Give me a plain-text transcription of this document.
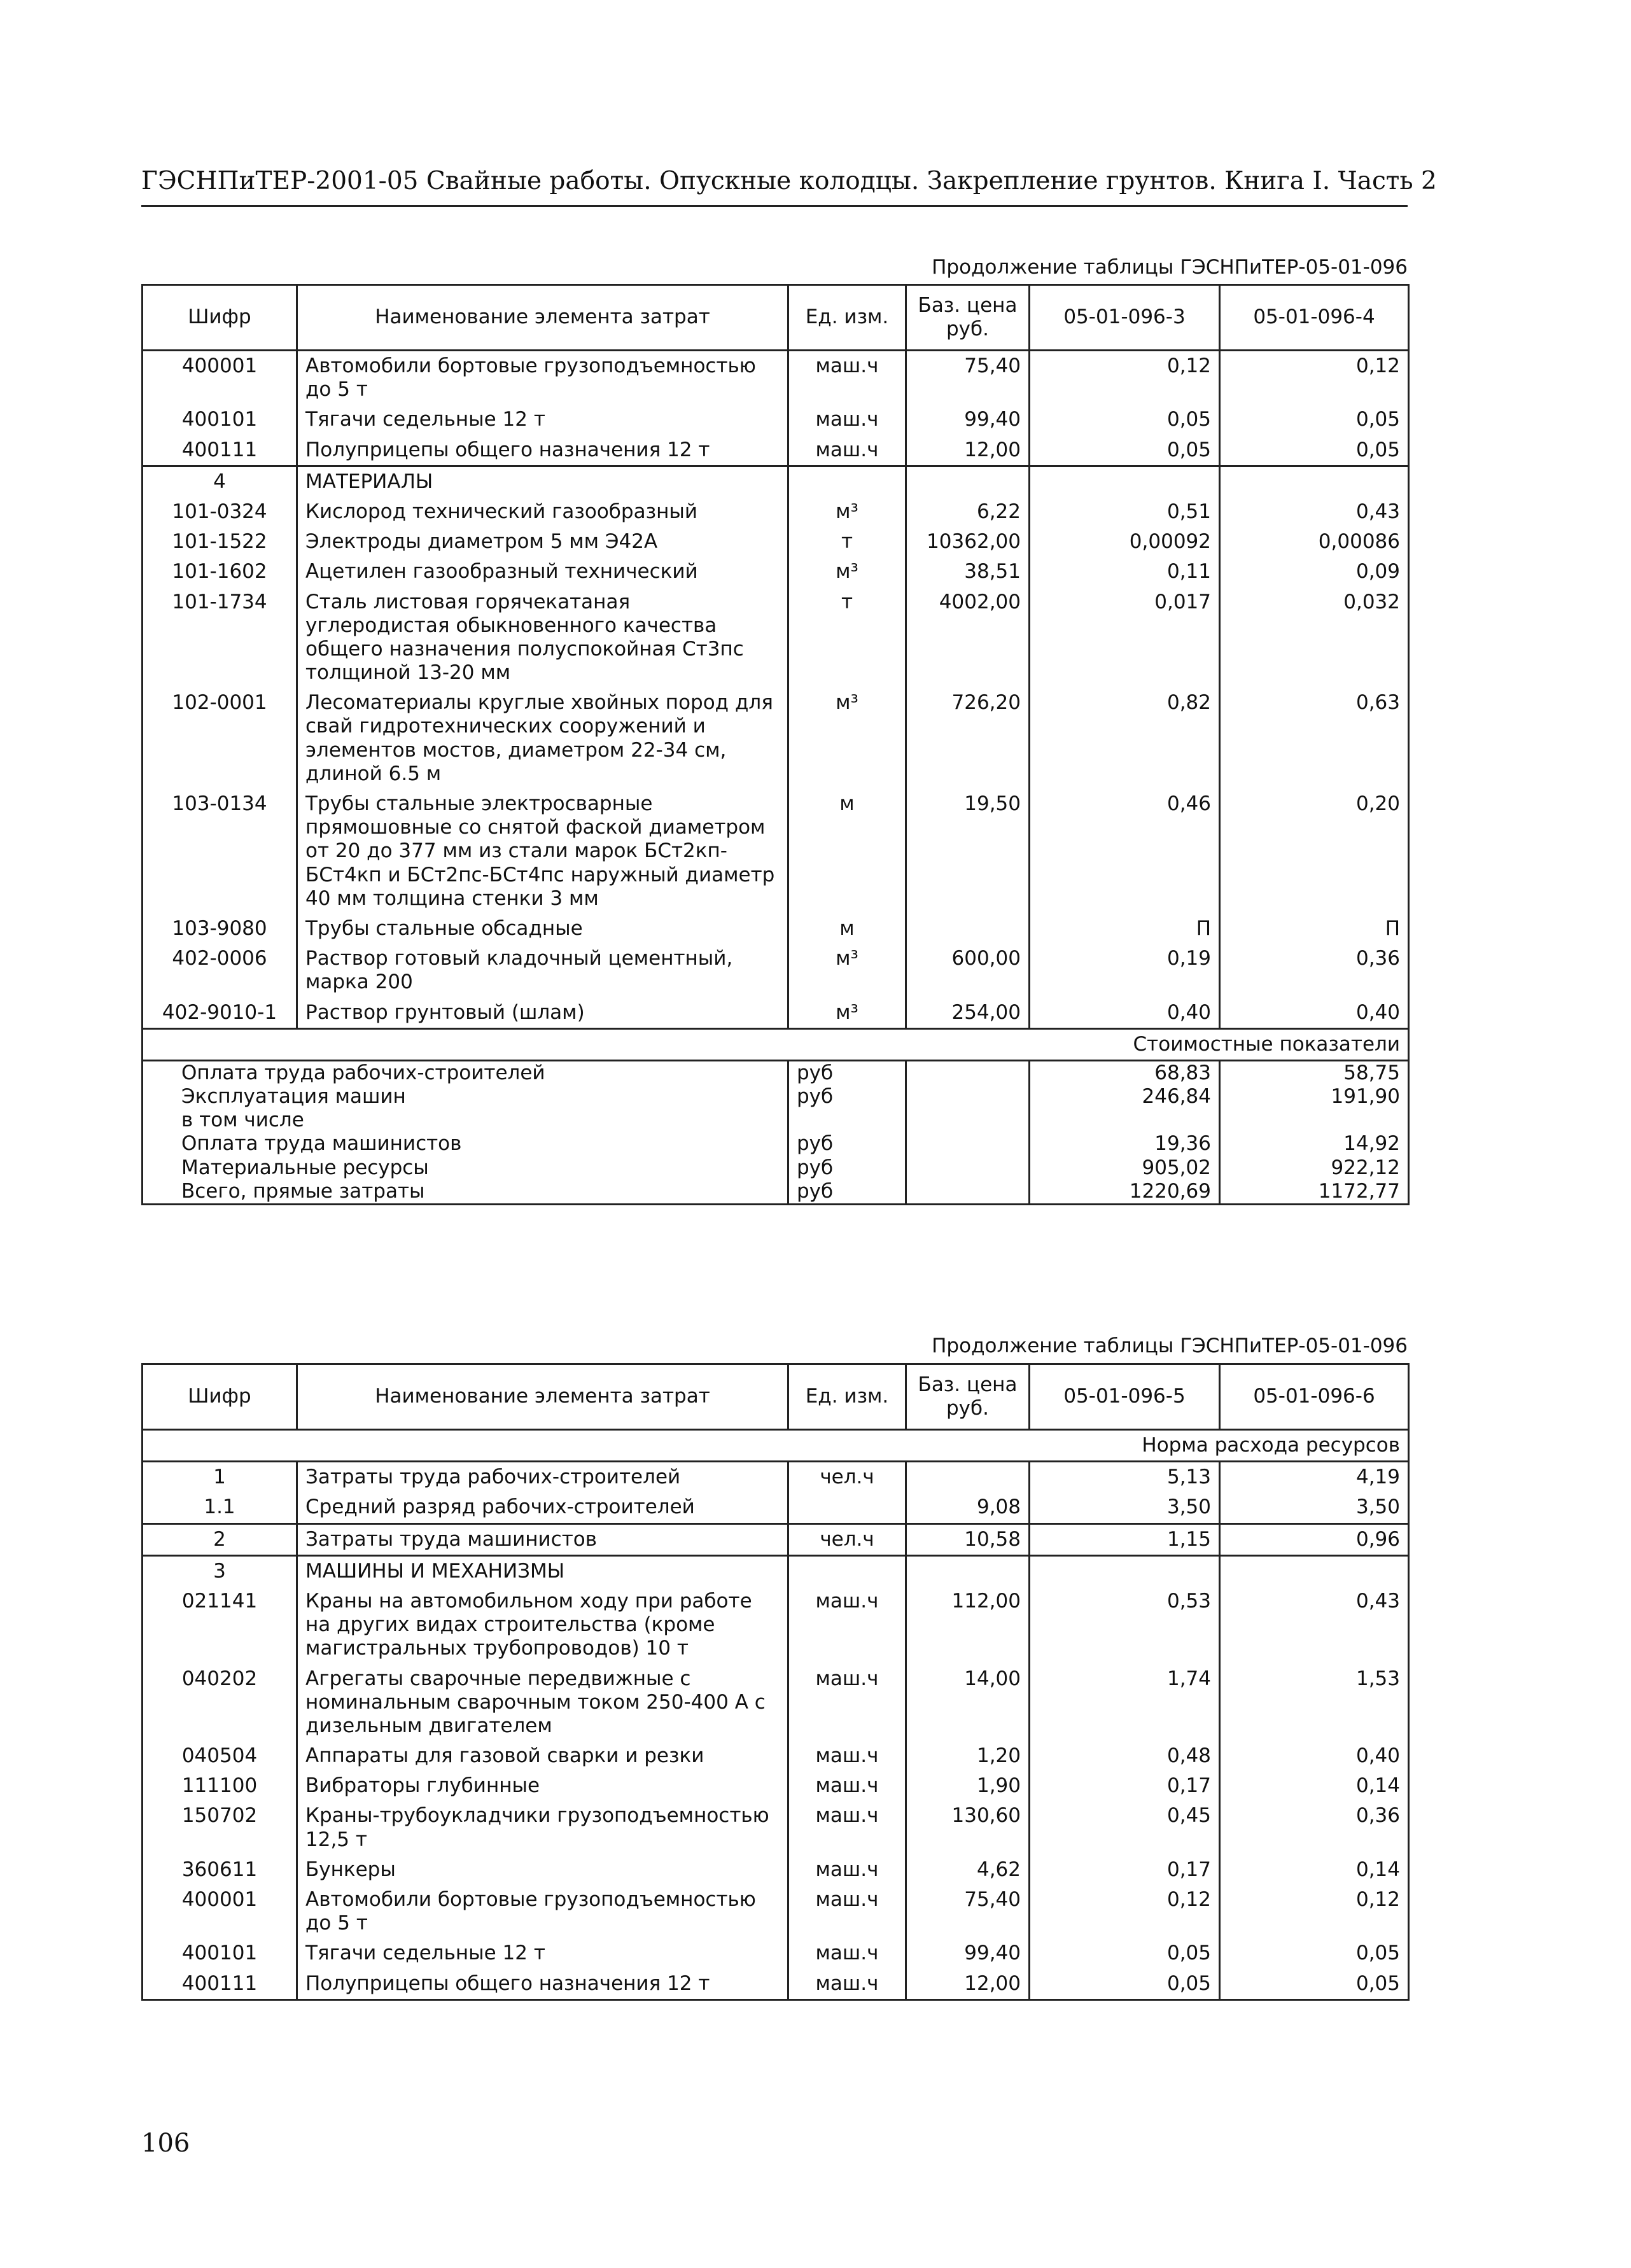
ГЭСНПиТЕР-2001-05 Свайные работы. Опускные колодцы. Закрепление грунтов. Книга I. Часть 2
Продолжение таблицы ГЭСНПиТЕР-05-01-096
Шифр	Наименование элемента затрат	Ед. изм.	Баз. цена руб.	05-01-096-3	05-01-096-4
400001	Автомобили бортовые грузоподъемностью до 5 т	маш.ч	75,40	0,12	0,12
400101	Тягачи седельные 12 т	маш.ч	99,40	0,05	0,05
400111	Полуприцепы общего назначения 12 т	маш.ч	12,00	0,05	0,05
4	МАТЕРИАЛЫ				
101-0324	Кислород технический газообразный	м³	6,22	0,51	0,43
101-1522	Электроды диаметром 5 мм Э42А	т	10362,00	0,00092	0,00086
101-1602	Ацетилен газообразный технический	м³	38,51	0,11	0,09
101-1734	Сталь листовая горячекатаная углеродистая обыкновенного качества общего назначения полуспокойная Ст3пс толщиной 13-20 мм	т	4002,00	0,017	0,032
102-0001	Лесоматериалы круглые хвойных пород для свай гидротехнических сооружений и элементов мостов, диаметром 22-34 см, длиной 6.5 м	м³	726,20	0,82	0,63
103-0134	Трубы стальные электросварные прямошовные со снятой фаской диаметром от 20 до 377 мм из стали марок БСт2кп-БСт4кп и БСт2пс-БСт4пс наружный диаметр 40 мм толщина стенки 3 мм	м	19,50	0,46	0,20
103-9080	Трубы стальные обсадные	м		П	П
402-0006	Раствор готовый кладочный цементный, марка 200	м³	600,00	0,19	0,36
402-9010-1	Раствор грунтовый (шлам)	м³	254,00	0,40	0,40
Стоимостные показатели					
Оплата труда рабочих-строителей		руб		68,83	58,75
Эксплуатация машин		руб		246,84	191,90
в том числе					
Оплата труда машинистов		руб		19,36	14,92
Материальные ресурсы		руб		905,02	922,12
Всего, прямые затраты		руб		1220,69	1172,77
Продолжение таблицы ГЭСНПиТЕР-05-01-096
Шифр	Наименование элемента затрат	Ед. изм.	Баз. цена руб.	05-01-096-5	05-01-096-6
Норма расхода ресурсов					
1	Затраты труда рабочих-строителей	чел.ч		5,13	4,19
1.1	Средний разряд рабочих-строителей		9,08	3,50	3,50
2	Затраты труда машинистов	чел.ч	10,58	1,15	0,96
3	МАШИНЫ И МЕХАНИЗМЫ				
021141	Краны на автомобильном ходу при работе на других видах строительства (кроме магистральных трубопроводов) 10 т	маш.ч	112,00	0,53	0,43
040202	Агрегаты сварочные передвижные с номинальным сварочным током 250-400 А с дизельным двигателем	маш.ч	14,00	1,74	1,53
040504	Аппараты для газовой сварки и резки	маш.ч	1,20	0,48	0,40
111100	Вибраторы глубинные	маш.ч	1,90	0,17	0,14
150702	Краны-трубоукладчики грузоподъемностью 12,5 т	маш.ч	130,60	0,45	0,36
360611	Бункеры	маш.ч	4,62	0,17	0,14
400001	Автомобили бортовые грузоподъемностью до 5 т	маш.ч	75,40	0,12	0,12
400101	Тягачи седельные 12 т	маш.ч	99,40	0,05	0,05
400111	Полуприцепы общего назначения 12 т	маш.ч	12,00	0,05	0,05
106
